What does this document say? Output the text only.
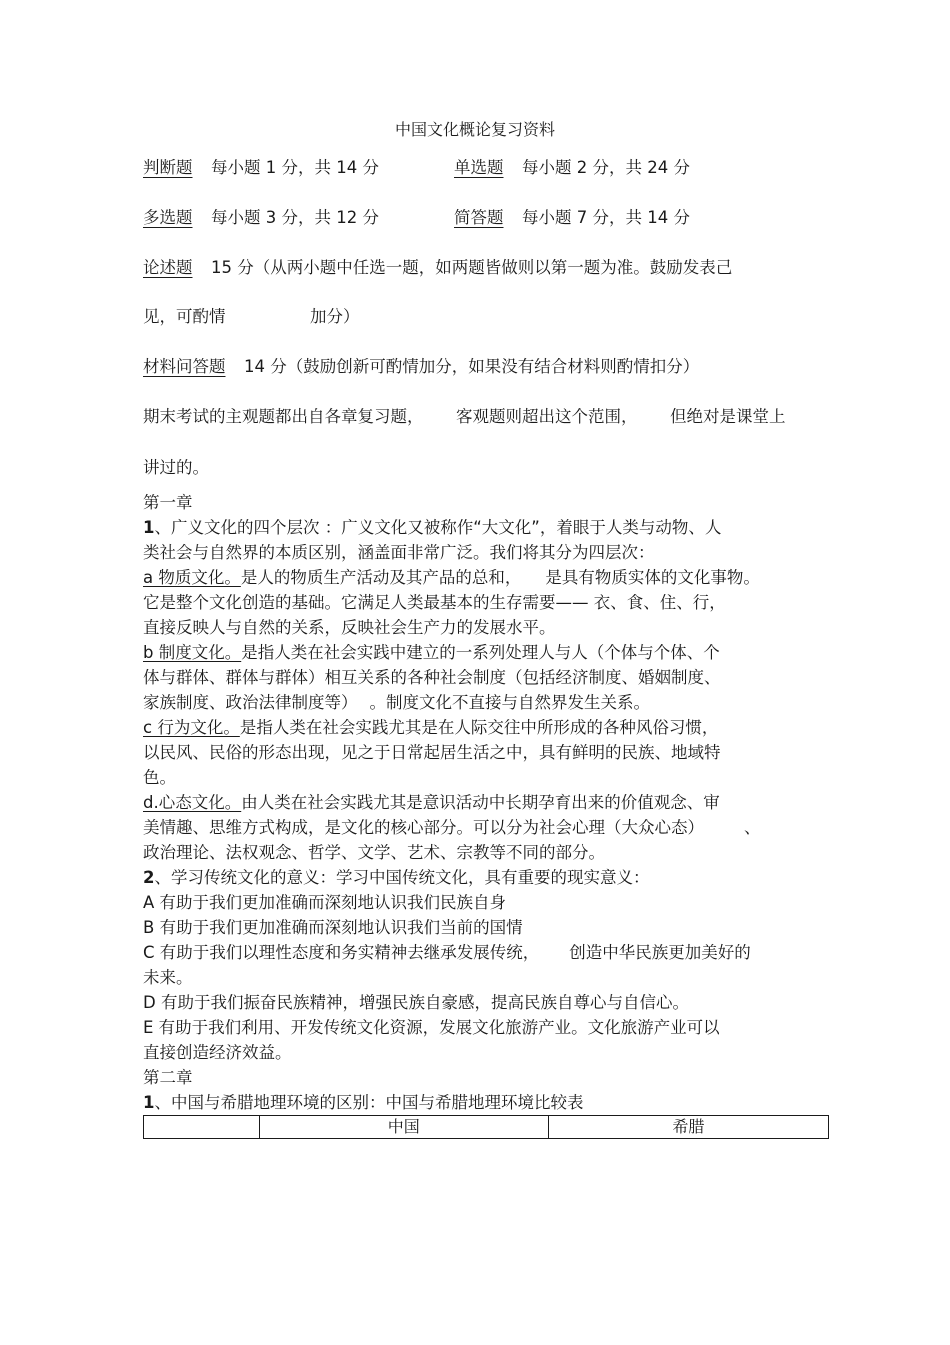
中国文化概论复习资料
判断题 每小题 1 分，共 14 分	单选题 每小题 2 分，共 24 分
多选题 每小题 3 分，共 12 分	简答题 每小题 7 分，共 14 分
论述题 15 分（从两小题中任选一题，如两题皆做则以第一题为准。鼓励发表己
见，可酌情	加分）
材料问答题 14 分（鼓励创新可酌情加分，如果没有结合材料则酌情扣分）
期末考试的主观题都出自各章复习题， 客观题则超出这个范围， 但绝对是课堂上
讲过的。

第一章

1、广义文化的四个层次 ：广义文化又被称作“大文化”，着眼于人类与动物、人

类社会与自然界的本质区别，涵盖面非常广泛。我们将其分为四层次：

a 物质文化。是人的物质生产活动及其产品的总和， 是具有物质实体的文化事物。

它是整个文化创造的基础。它满足人类最基本的生存需要—— 衣、食、住、行，

直接反映人与自然的关系，反映社会生产力的发展水平。

b 制度文化。是指人类在社会实践中建立的一系列处理人与人（个体与个体、个

体与群体、群体与群体）相互关系的各种社会制度（包括经济制度、婚姻制度、

家族制度、政治法律制度等） 。制度文化不直接与自然界发生关系。

c 行为文化。是指人类在社会实践尤其是在人际交往中所形成的各种风俗习惯，

以民风、民俗的形态出现，见之于日常起居生活之中，具有鲜明的民族、地域特

色。

d.心态文化。由人类在社会实践尤其是意识活动中长期孕育出来的价值观念、审

美情趣、思维方式构成，是文化的核心部分。可以分为社会心理（大众心态） 、

政治理论、法权观念、哲学、文学、艺术、宗教等不同的部分。

2、学习传统文化的意义：学习中国传统文化，具有重要的现实意义：

A 有助于我们更加准确而深刻地认识我们民族自身

B 有助于我们更加准确而深刻地认识我们当前的国情

C 有助于我们以理性态度和务实精神去继承发展传统， 创造中华民族更加美好的

未来。

D 有助于我们振奋民族精神，增强民族自豪感，提高民族自尊心与自信心。

E 有助于我们利用、开发传统文化资源，发展文化旅游产业。文化旅游产业可以

直接创造经济效益。

第二章

1、中国与希腊地理环境的区别：中国与希腊地理环境比较表

	中国	希腊
